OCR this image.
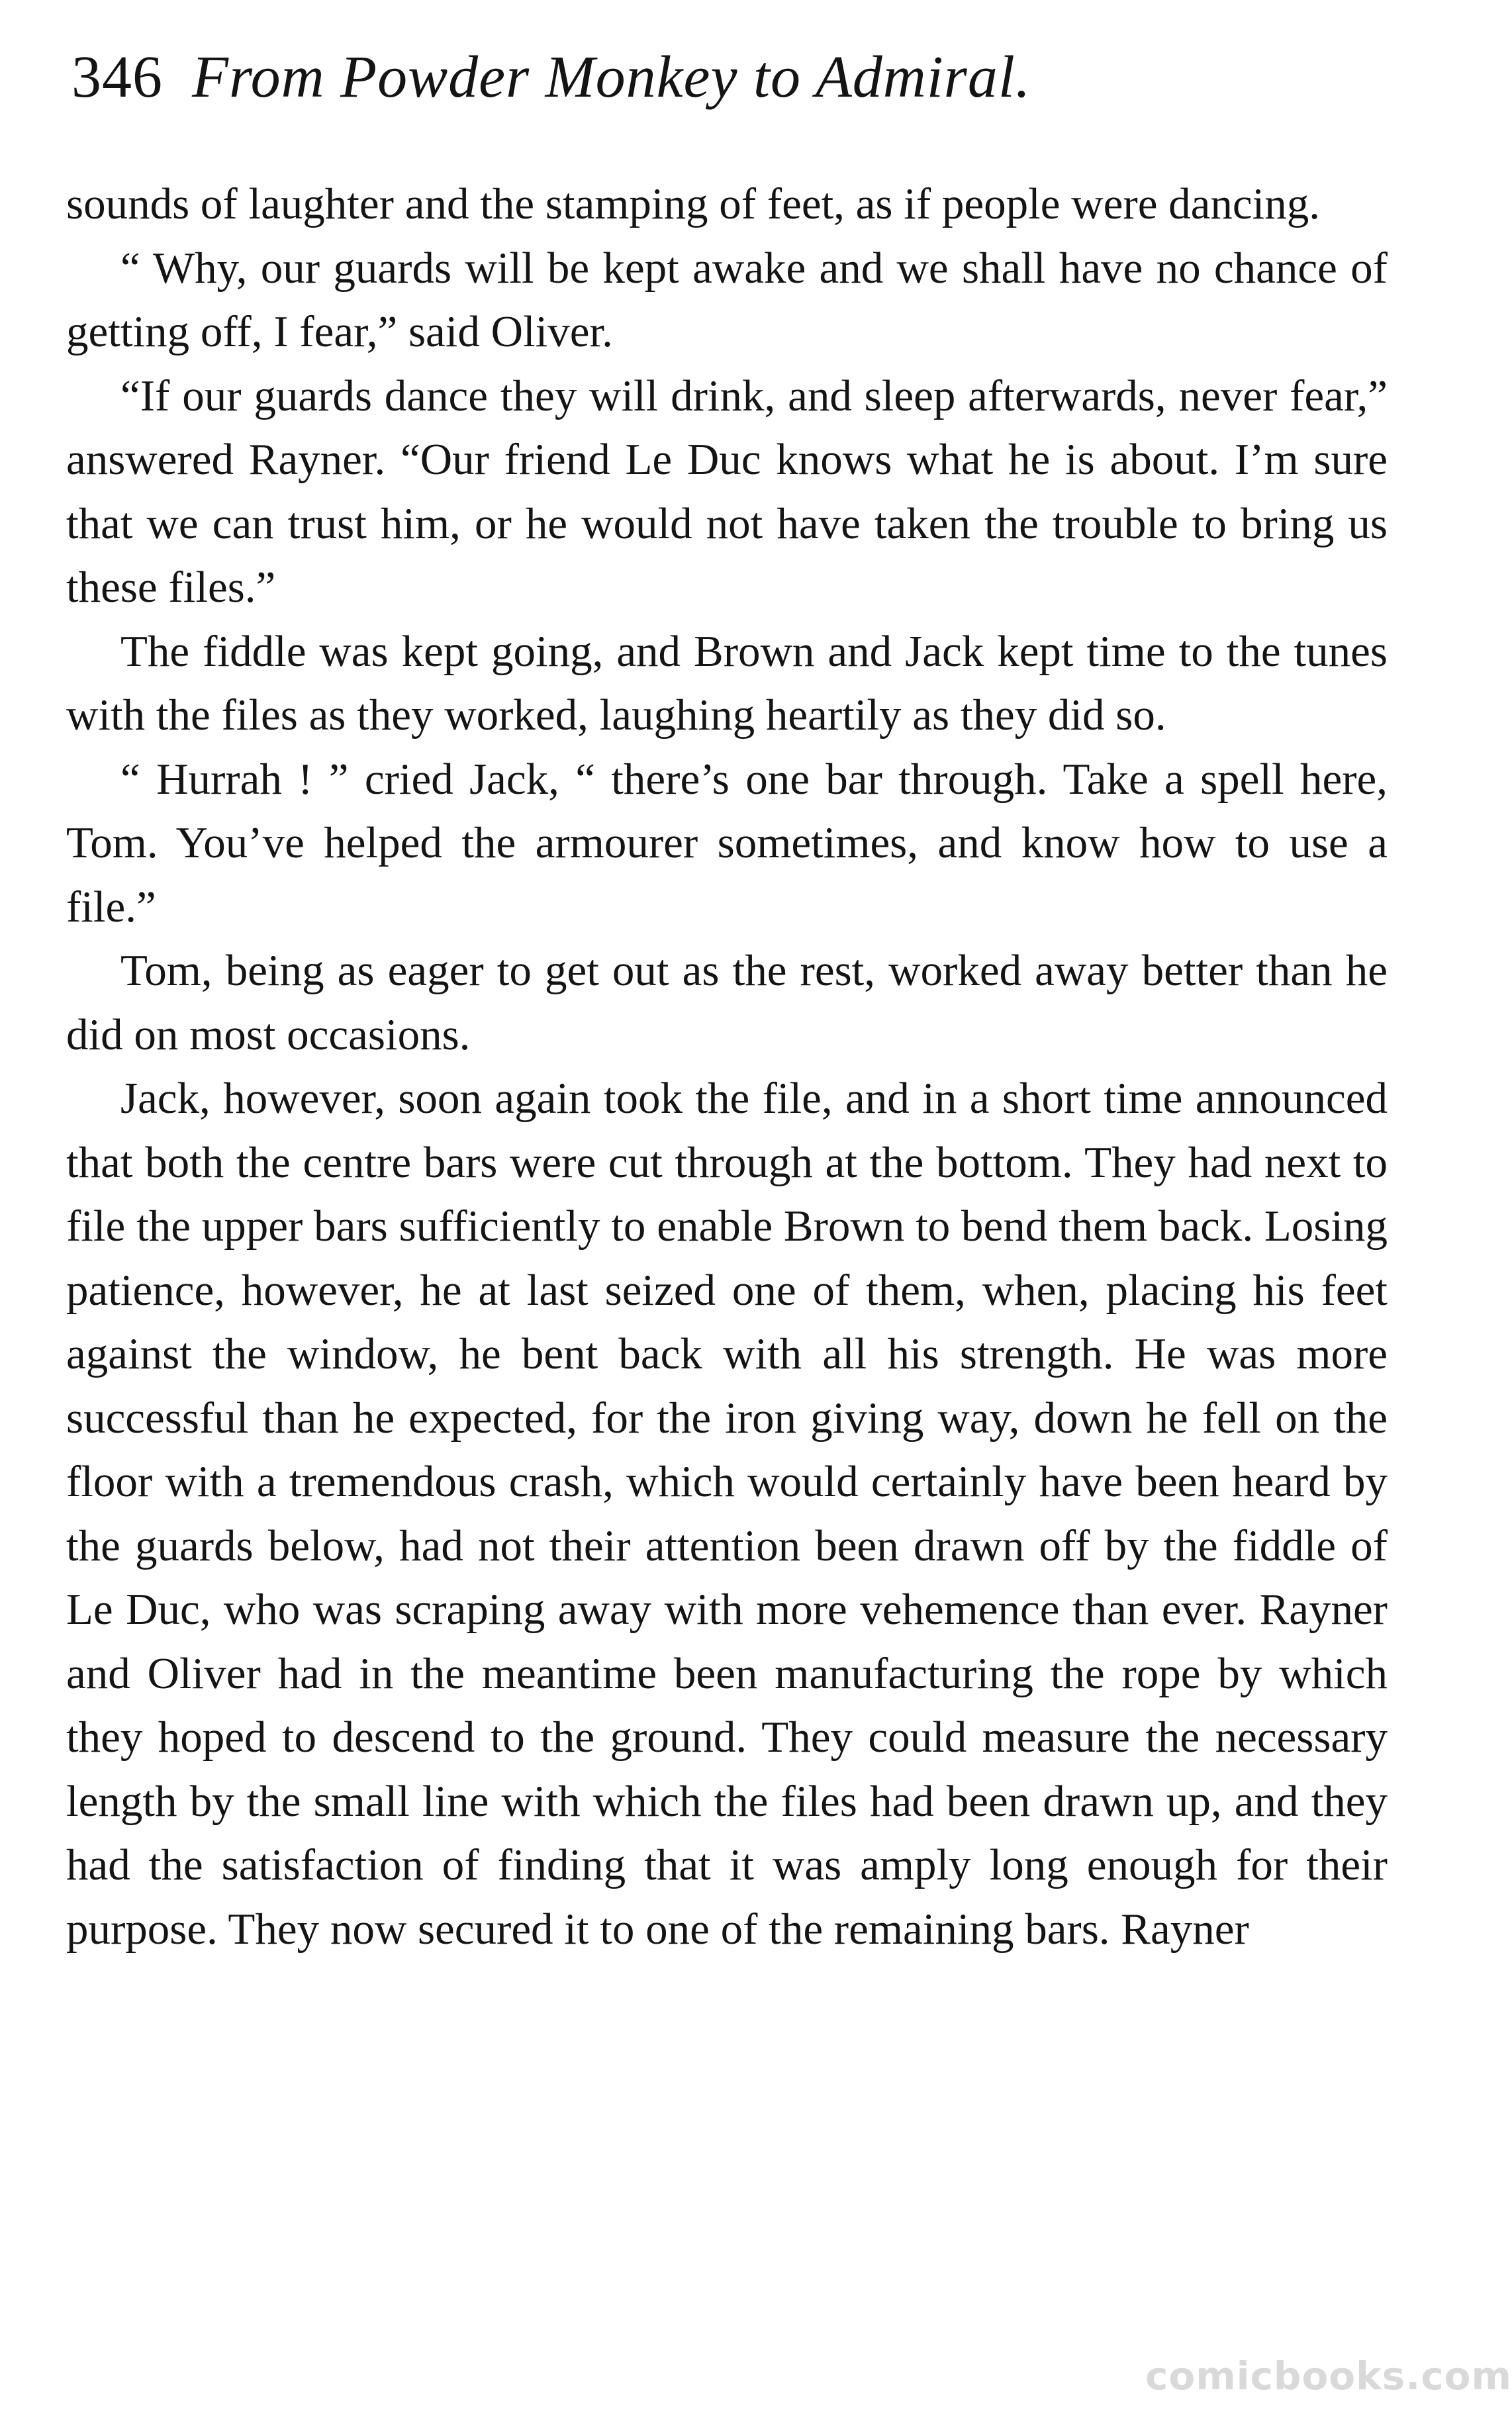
346 From Powder Monkey to Admiral.

sounds of laughter and the stamping of feet, as if people were dancing.

“ Why, our guards will be kept awake and we shall have no chance of getting off, I fear,” said Oliver.

“If our guards dance they will drink, and sleep afterwards, never fear,” answered Rayner. “Our friend Le Duc knows what he is about. I’m sure that we can trust him, or he would not have taken the trouble to bring us these files.”

The fiddle was kept going, and Brown and Jack kept time to the tunes with the files as they worked, laughing heartily as they did so.

“ Hurrah ! ” cried Jack, “ there’s one bar through. Take a spell here, Tom. You’ve helped the armourer sometimes, and know how to use a file.”

Tom, being as eager to get out as the rest, worked away better than he did on most occasions.

Jack, however, soon again took the file, and in a short time announced that both the centre bars were cut through at the bottom. They had next to file the upper bars sufficiently to enable Brown to bend them back. Losing patience, however, he at last seized one of them, when, placing his feet against the window, he bent back with all his strength. He was more successful than he expected, for the iron giving way, down he fell on the floor with a tremendous crash, which would certainly have been heard by the guards below, had not their attention been drawn off by the fiddle of Le Duc, who was scraping away with more vehemence than ever. Rayner and Oliver had in the meantime been manufacturing the rope by which they hoped to descend to the ground. They could measure the necessary length by the small line with which the files had been drawn up, and they had the satisfaction of finding that it was amply long enough for their purpose. They now secured it to one of the remaining bars. Rayner

comicbooks.com
